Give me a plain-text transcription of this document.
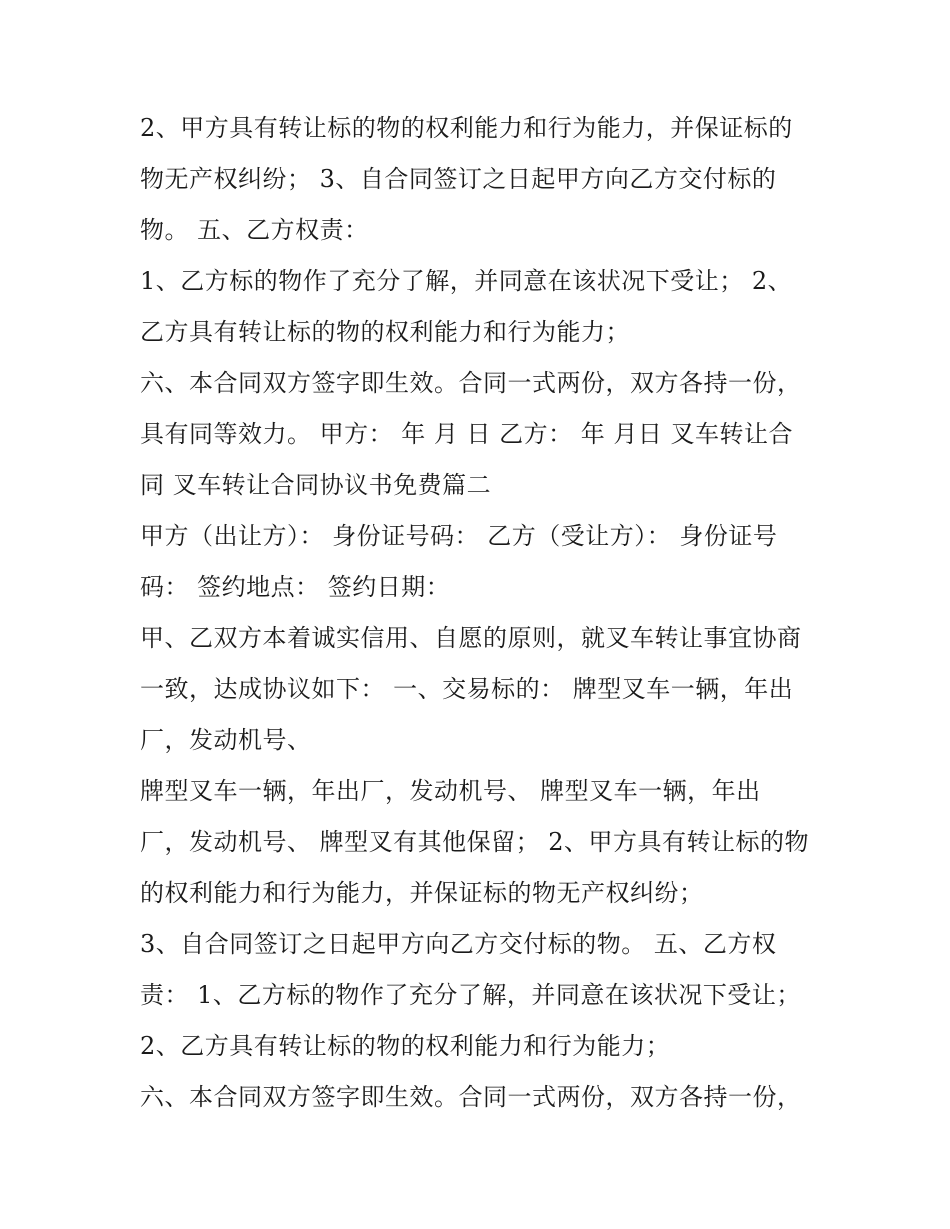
2、甲方具有转让标的物的权利能力和行为能力，并保证标的
物无产权纠纷； 3、自合同签订之日起甲方向乙方交付标的
物。 五、乙方权责：
1、乙方标的物作了充分了解，并同意在该状况下受让； 2、
乙方具有转让标的物的权利能力和行为能力；
六、本合同双方签字即生效。合同一式两份，双方各持一份，
具有同等效力。 甲方： 年 月 日 乙方： 年 月日 叉车转让合
同 叉车转让合同协议书免费篇二
甲方（出让方）： 身份证号码： 乙方（受让方）： 身份证号
码： 签约地点： 签约日期：
甲、乙双方本着诚实信用、自愿的原则，就叉车转让事宜协商
一致，达成协议如下： 一、交易标的： 牌型叉车一辆，年出
厂，发动机号、
牌型叉车一辆，年出厂，发动机号、 牌型叉车一辆，年出
厂，发动机号、 牌型叉有其他保留； 2、甲方具有转让标的物
的权利能力和行为能力，并保证标的物无产权纠纷；
3、自合同签订之日起甲方向乙方交付标的物。 五、乙方权
责： 1、乙方标的物作了充分了解，并同意在该状况下受让；
2、乙方具有转让标的物的权利能力和行为能力；
六、本合同双方签字即生效。合同一式两份，双方各持一份，
